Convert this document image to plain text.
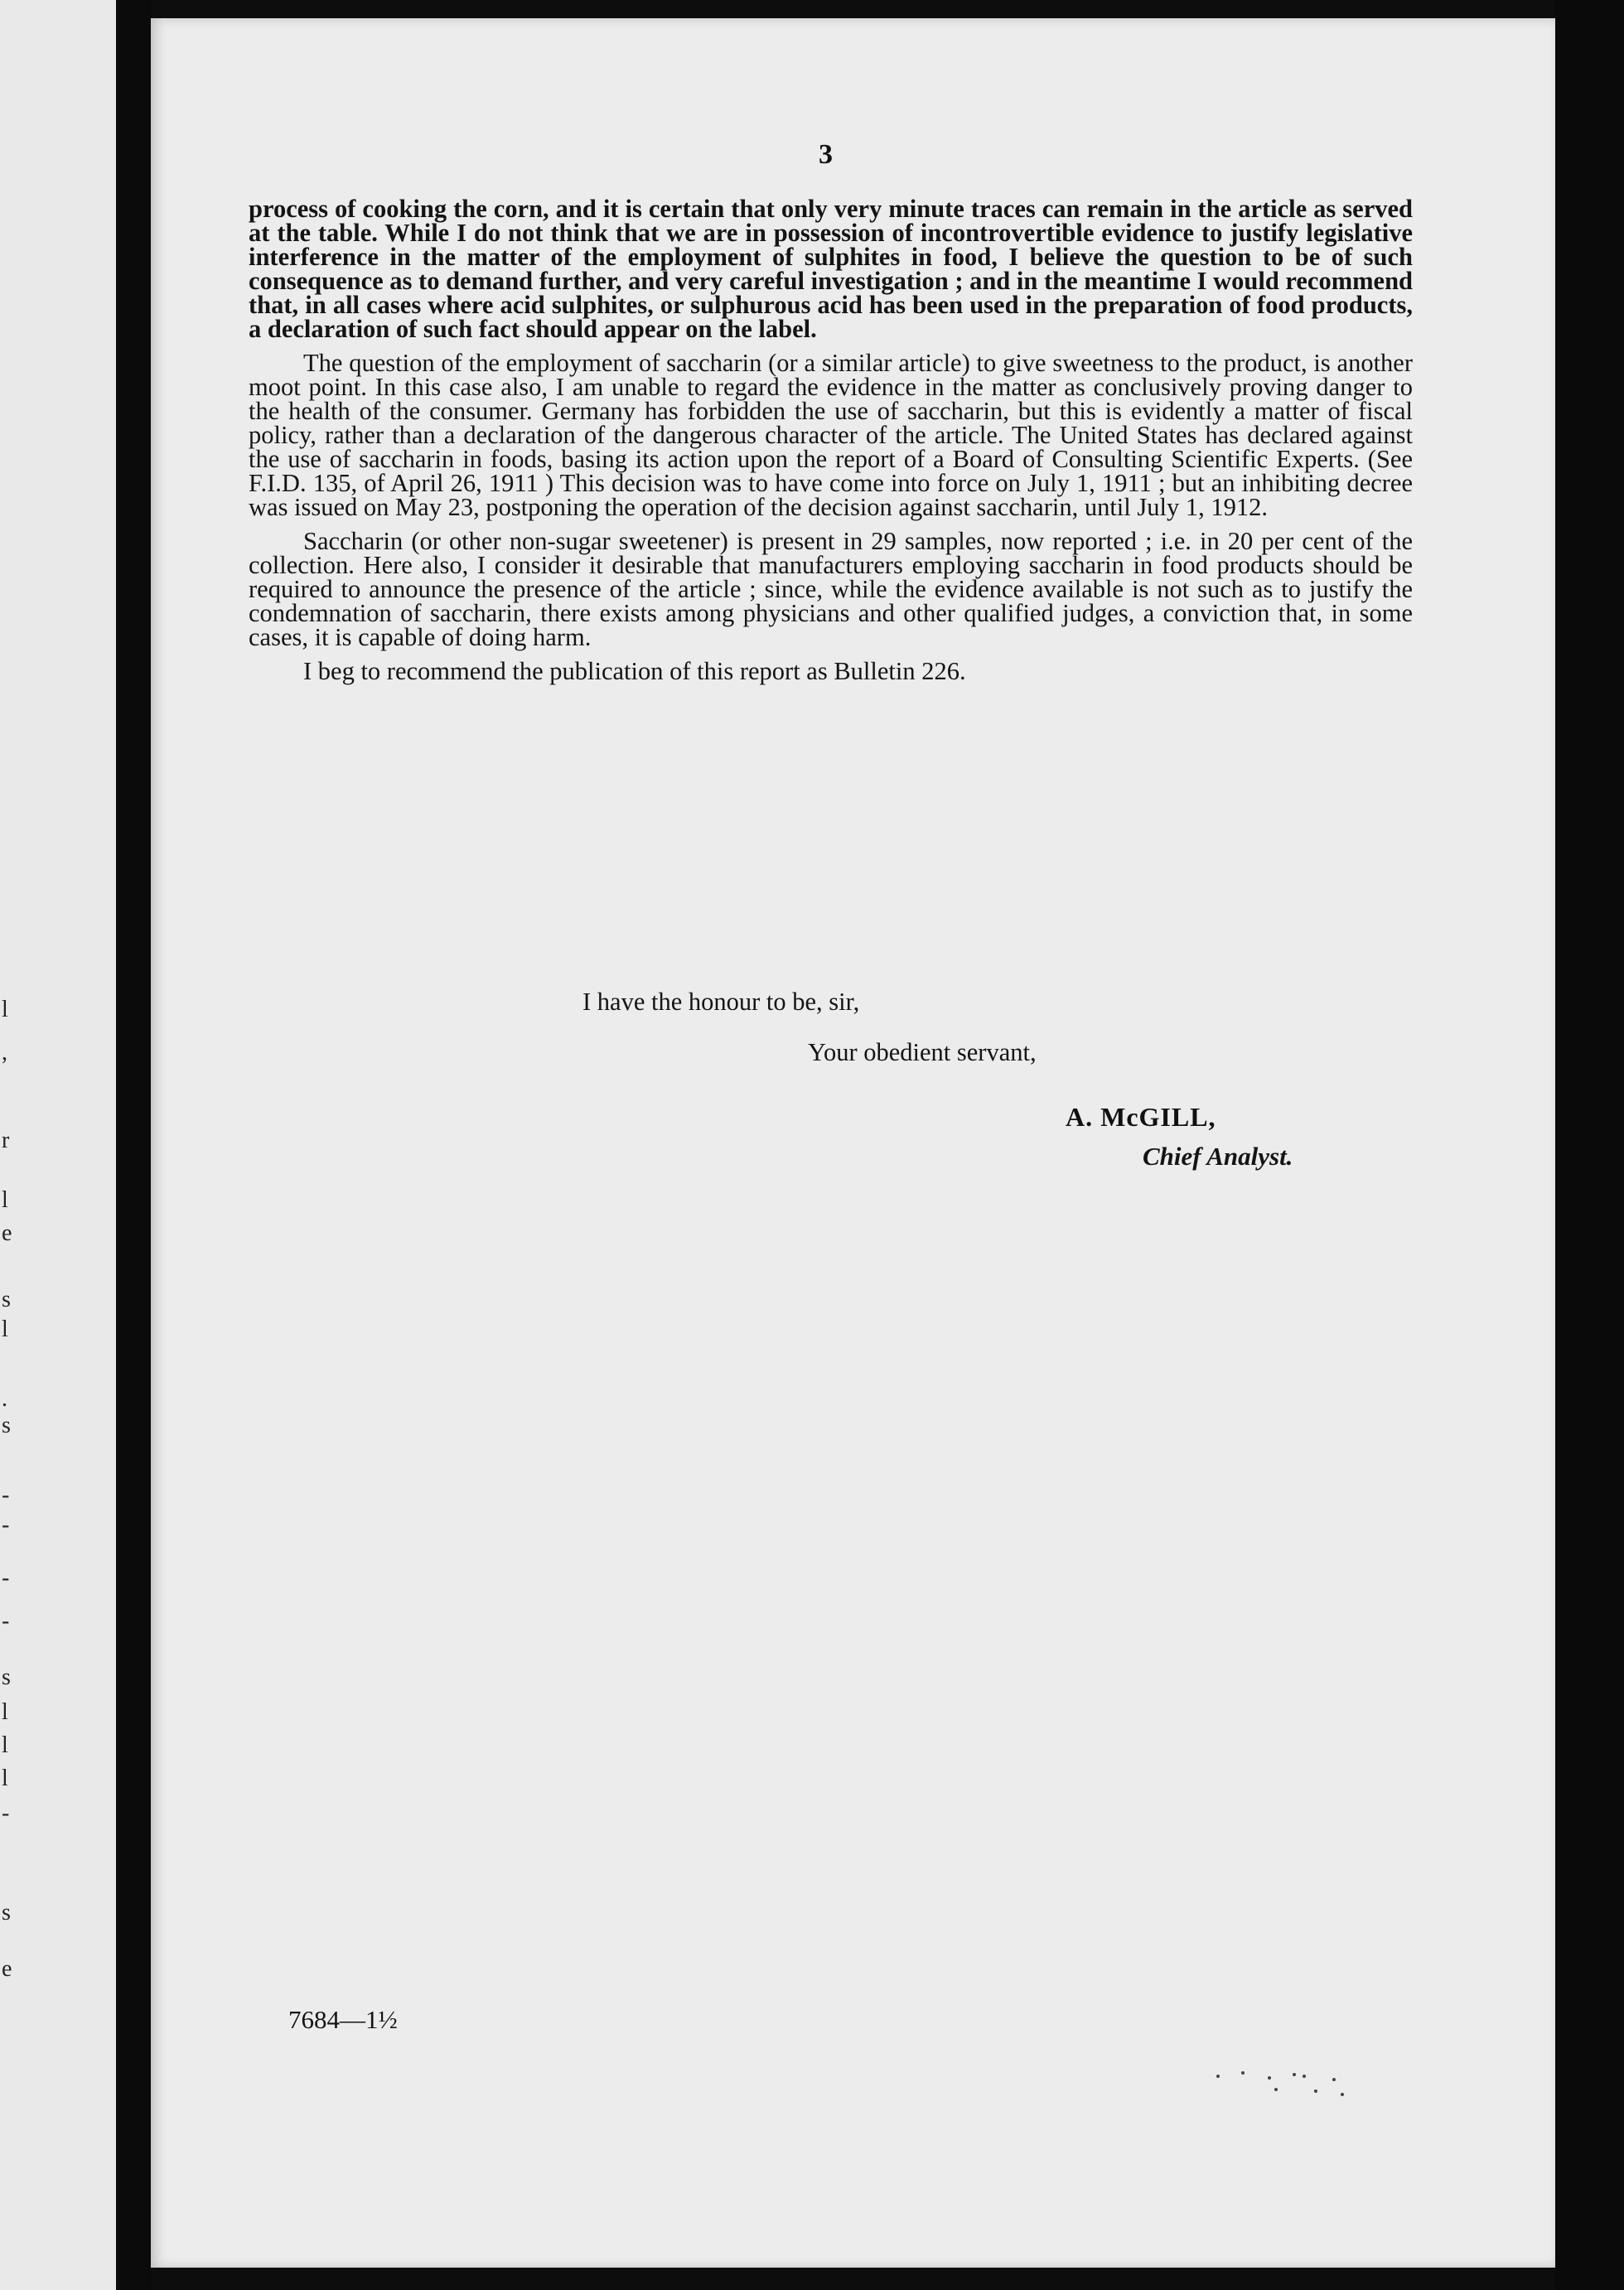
l
,
r
l
e
s
l
.
s
-
-
-
-
s
l
l
l
-
s
e
3

process of cooking the corn, and it is certain that only very minute traces can remain in the article as served at the table. While I do not think that we are in possession of incontrovertible evidence to justify legislative interference in the matter of the employment of sulphites in food, I believe the question to be of such consequence as to demand further, and very careful investigation ; and in the meantime I would recommend that, in all cases where acid sulphites, or sulphurous acid has been used in the preparation of food products, a declaration of such fact should appear on the label.

The question of the employment of saccharin (or a similar article) to give sweetness to the product, is another moot point. In this case also, I am unable to regard the evidence in the matter as conclusively proving danger to the health of the consumer. Germany has forbidden the use of saccharin, but this is evidently a matter of fiscal policy, rather than a declaration of the dangerous character of the article. The United States has declared against the use of saccharin in foods, basing its action upon the report of a Board of Consulting Scientific Experts. (See F.I.D. 135, of April 26, 1911 ) This decision was to have come into force on July 1, 1911 ; but an inhibiting decree was issued on May 23, postponing the operation of the decision against saccharin, until July 1, 1912.

Saccharin (or other non-sugar sweetener) is present in 29 samples, now reported ; i.e. in 20 per cent of the collection. Here also, I consider it desirable that manufacturers employing saccharin in food products should be required to announce the presence of the article ; since, while the evidence available is not such as to justify the condemnation of saccharin, there exists among physicians and other qualified judges, a conviction that, in some cases, it is capable of doing harm.

I beg to recommend the publication of this report as Bulletin 226.

I have the honour to be, sir,
Your obedient servant,
A. McGILL,
Chief Analyst.
7684—1½
